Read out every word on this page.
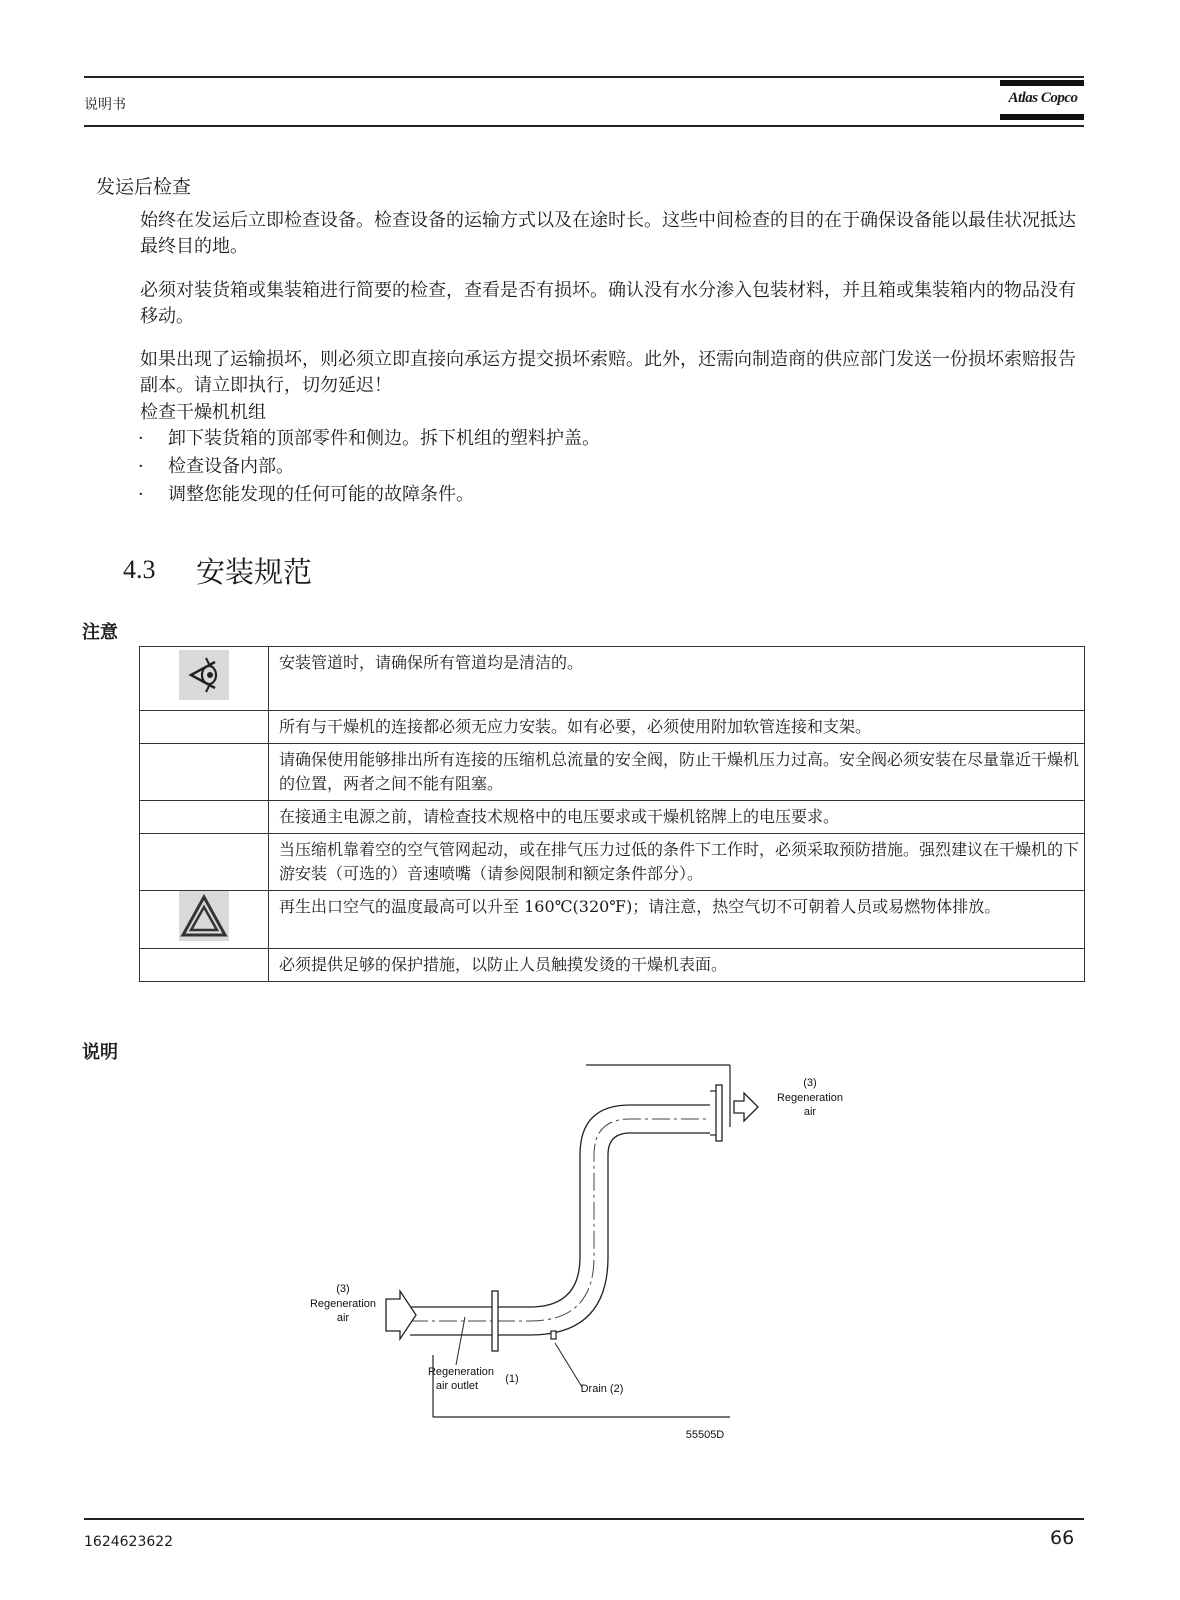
说明书	Atlas Copco
发运后检查
始终在发运后立即检查设备。检查设备的运输方式以及在途时长。这些中间检查的目的在于确保设备能以最佳状况抵达最终目的地。
必须对装货箱或集装箱进行简要的检查，查看是否有损坏。确认没有水分渗入包装材料，并且箱或集装箱内的物品没有移动。
如果出现了运输损坏，则必须立即直接向承运方提交损坏索赔。此外，还需向制造商的供应部门发送一份损坏索赔报告副本。请立即执行，切勿延迟！
检查干燥机机组
· 卸下装货箱的顶部零件和侧边。拆下机组的塑料护盖。
· 检查设备内部。
· 调整您能发现的任何可能的故障条件。
4.3 安装规范
注意
	安装管道时，请确保所有管道均是清洁的。
	所有与干燥机的连接都必须无应力安装。如有必要，必须使用附加软管连接和支架。
	请确保使用能够排出所有连接的压缩机总流量的安全阀，防止干燥机压力过高。安全阀必须安装在尽量靠近干燥机的位置，两者之间不能有阻塞。
	在接通主电源之前，请检查技术规格中的电压要求或干燥机铭牌上的电压要求。
	当压缩机靠着空的空气管网起动，或在排气压力过低的条件下工作时，必须采取预防措施。强烈建议在干燥机的下游安装（可选的）音速喷嘴（请参阅限制和额定条件部分）。
	再生出口空气的温度最高可以升至 160℃(320℉)；请注意，热空气切不可朝着人员或易燃物体排放。
	必须提供足够的保护措施，以防止人员触摸发烫的干燥机表面。
说明
(3)
Regeneration
air
(3)
Regeneration
air
Regeneration
air outlet
(1)
Drain (2)
55505D
1624623622	66
